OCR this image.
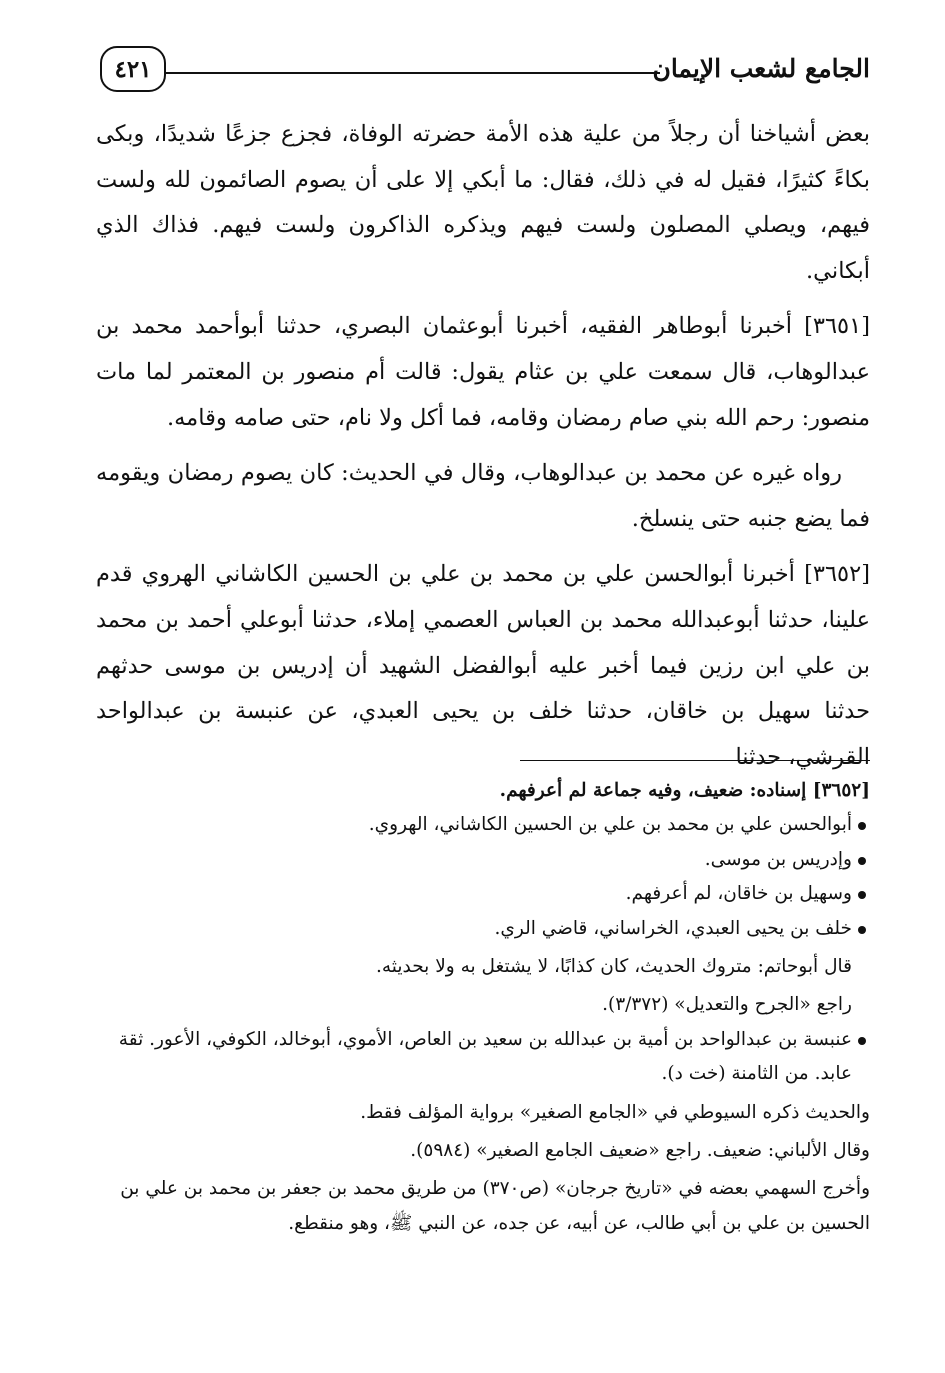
الجامع لشعب الإيمان
٤٢١

بعض أشياخنا أن رجلاً من علية هذه الأمة حضرته الوفاة، فجزع جزعًا شديدًا، وبكى بكاءً كثيرًا، فقيل له في ذلك، فقال: ما أبكي إلا على أن يصوم الصائمون لله ولست فيهم، ويصلي المصلون ولست فيهم ويذكره الذاكرون ولست فيهم. فذاك الذي أبكاني.

[٣٦٥١] أخبرنا أبوطاهر الفقيه، أخبرنا أبوعثمان البصري، حدثنا أبوأحمد محمد بن عبدالوهاب، قال سمعت علي بن عثام يقول: قالت أم منصور بن المعتمر لما مات منصور: رحم الله بني صام رمضان وقامه، فما أكل ولا نام، حتى صامه وقامه.

رواه غيره عن محمد بن عبدالوهاب، وقال في الحديث: كان يصوم رمضان ويقومه فما يضع جنبه حتى ينسلخ.

[٣٦٥٢] أخبرنا أبوالحسن علي بن محمد بن علي بن الحسين الكاشاني الهروي قدم علينا، حدثنا أبوعبدالله محمد بن العباس العصمي إملاء، حدثنا أبوعلي أحمد بن محمد بن علي ابن رزين فيما أخبر عليه أبوالفضل الشهيد أن إدريس بن موسى حدثهم حدثنا سهيل بن خاقان، حدثنا خلف بن يحيى العبدي، عن عنبسة بن عبدالواحد القرشي، حدثنا

[٣٦٥٢] إسناده: ضعيف، وفيه جماعة لم أعرفهم.

أبوالحسن علي بن محمد بن علي بن الحسين الكاشاني، الهروي.
وإدريس بن موسى.
وسهيل بن خاقان، لم أعرفهم.
خلف بن يحيى العبدي، الخراساني، قاضي الري.

قال أبوحاتم: متروك الحديث، كان كذابًا، لا يشتغل به ولا بحديثه.

راجع «الجرح والتعديل» (٣/٣٧٢).

عنبسة بن عبدالواحد بن أمية بن عبدالله بن سعيد بن العاص، الأموي، أبوخالد، الكوفي، الأعور. ثقة عابد. من الثامنة (خت د).

والحديث ذكره السيوطي في «الجامع الصغير» برواية المؤلف فقط.

وقال الألباني: ضعيف. راجع «ضعيف الجامع الصغير» (٥٩٨٤).

وأخرج السهمي بعضه في «تاريخ جرجان» (ص٣٧٠) من طريق محمد بن جعفر بن محمد بن علي بن الحسين بن علي بن أبي طالب، عن أبيه، عن جده، عن النبي ﷺ، وهو منقطع.
